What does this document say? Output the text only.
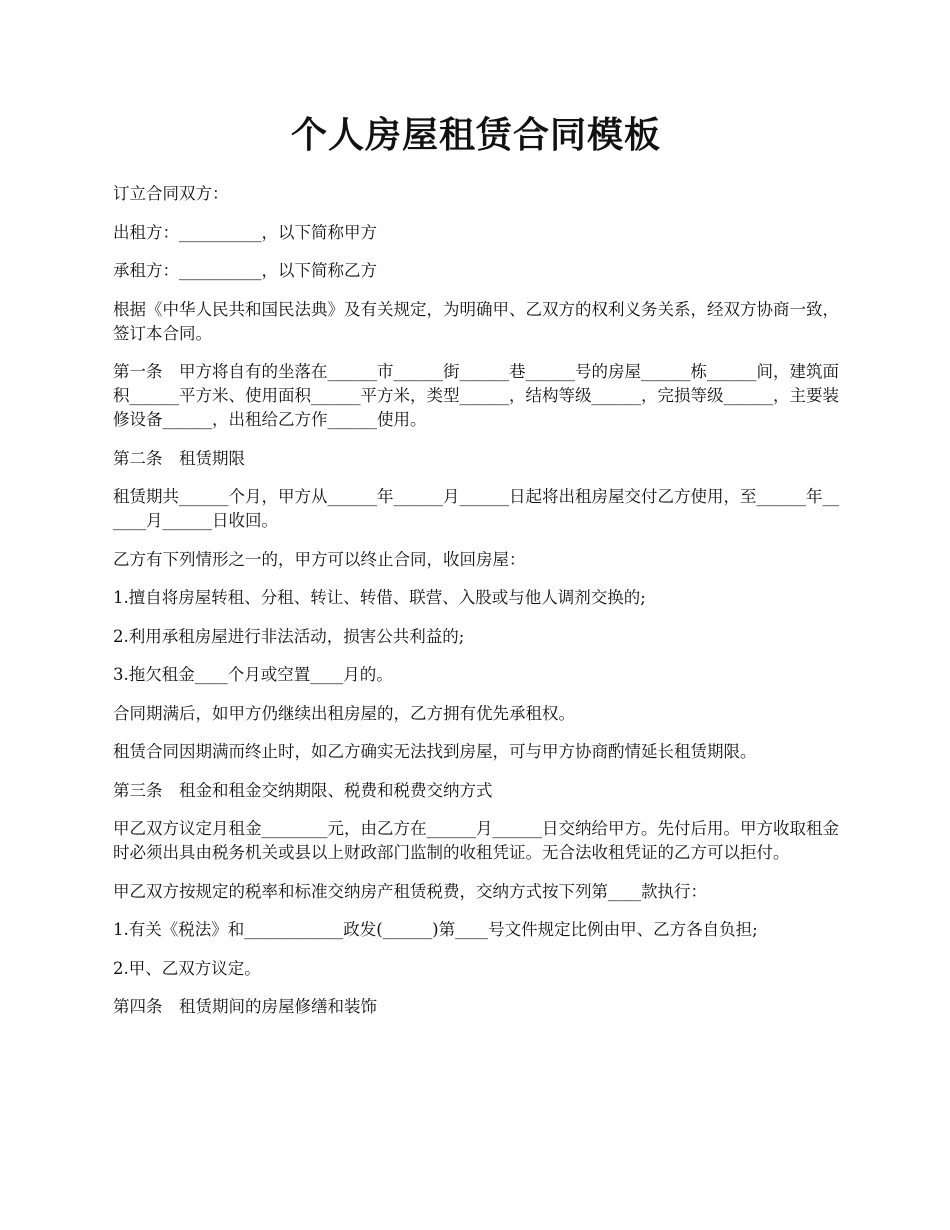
个人房屋租赁合同模板

订立合同双方：

出租方：__________，以下简称甲方

承租方：__________，以下简称乙方

根据《中华人民共和国民法典》及有关规定，为明确甲、乙双方的权利义务关系，经双方协商一致，签订本合同。

第一条　甲方将自有的坐落在______市______街______巷______号的房屋______栋______间，建筑面积______平方米、使用面积______平方米，类型______，结构等级______，完损等级______，主要装修设备______，出租给乙方作______使用。

第二条　租赁期限

租赁期共______个月，甲方从______年______月______日起将出租房屋交付乙方使用，至______年______月______日收回。

乙方有下列情形之一的，甲方可以终止合同，收回房屋：

1.擅自将房屋转租、分租、转让、转借、联营、入股或与他人调剂交换的;

2.利用承租房屋进行非法活动，损害公共利益的;

3.拖欠租金____个月或空置____月的。

合同期满后，如甲方仍继续出租房屋的，乙方拥有优先承租权。

租赁合同因期满而终止时，如乙方确实无法找到房屋，可与甲方协商酌情延长租赁期限。

第三条　租金和租金交纳期限、税费和税费交纳方式

甲乙双方议定月租金________元，由乙方在______月______日交纳给甲方。先付后用。甲方收取租金时必须出具由税务机关或县以上财政部门监制的收租凭证。无合法收租凭证的乙方可以拒付。

甲乙双方按规定的税率和标准交纳房产租赁税费，交纳方式按下列第____款执行：

1.有关《税法》和____________政发(______)第____号文件规定比例由甲、乙方各自负担;

2.甲、乙双方议定。

第四条　租赁期间的房屋修缮和装饰
